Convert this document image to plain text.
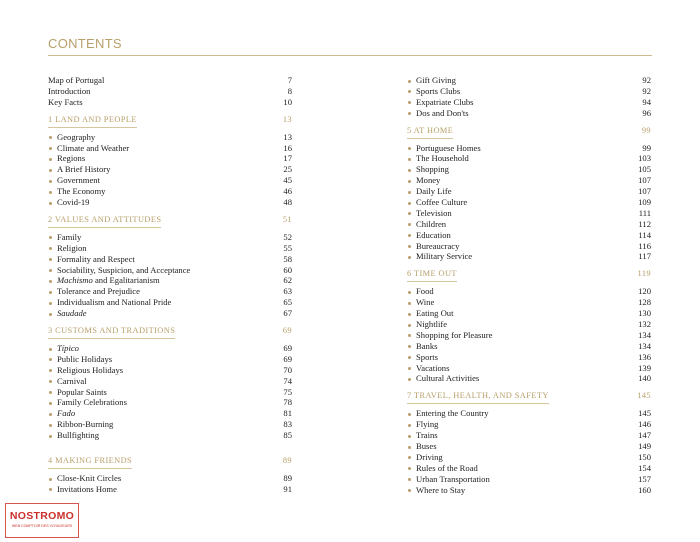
CONTENTS
Map of Portugal	7
Introduction	8
Key Facts	10
1 LAND AND PEOPLE	13
Geography	13
Climate and Weather	16
Regions	17
A Brief History	25
Government	45
The Economy	46
Covid-19	48
2 VALUES AND ATTITUDES	51
Family	52
Religion	55
Formality and Respect	58
Sociability, Suspicion, and Acceptance	60
Machismo and Egalitarianism	62
Tolerance and Prejudice	63
Individualism and National Pride	65
Saudade	67
3 CUSTOMS AND TRADITIONS	69
Típico	69
Public Holidays	69
Religious Holidays	70
Carnival	74
Popular Saints	75
Family Celebrations	78
Fado	81
Ribbon-Burning	83
Bullfighting	85
4 MAKING FRIENDS	89
Close-Knit Circles	89
Invitations Home	91
Gift Giving	92
Sports Clubs	92
Expatriate Clubs	94
Dos and Don'ts	96
5 AT HOME	99
Portuguese Homes	99
The Household	103
Shopping	105
Money	107
Daily Life	107
Coffee Culture	109
Television	111
Children	112
Education	114
Bureaucracy	116
Military Service	117
6 TIME OUT	119
Food	120
Wine	128
Eating Out	130
Nightlife	132
Shopping for Pleasure	134
Banks	134
Sports	136
Vacations	139
Cultural Activities	140
7 TRAVEL, HEALTH, AND SAFETY	145
Entering the Country	145
Flying	146
Trains	147
Buses	149
Driving	150
Rules of the Road	154
Urban Transportation	157
Where to Stay	160
NOSTROMO
WEB COMPTOIR DES VOYAGEURS
